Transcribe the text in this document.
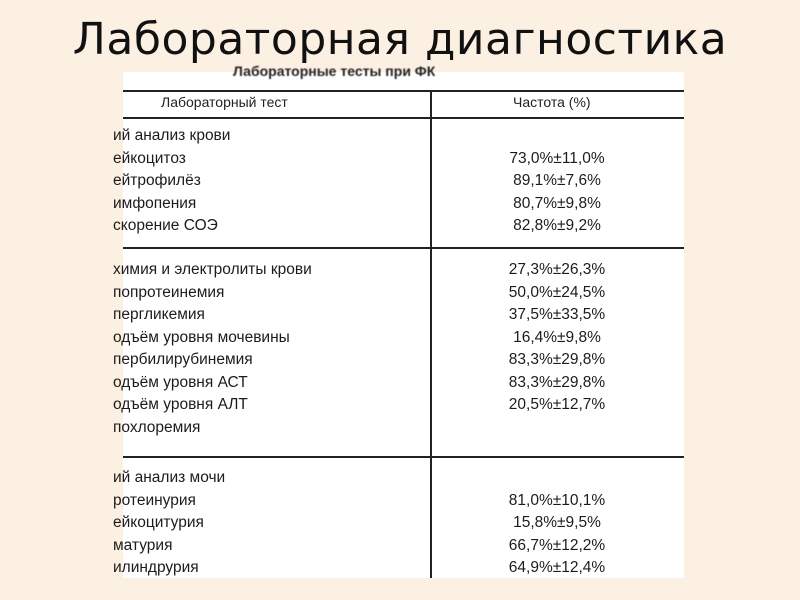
Лабораторная диагностика
Лабораторные тесты при ФК
Лабораторный тест	Частота (%)
ий анализ крови
ейкоцитоз	73,0%±11,0%
ейтрофилёз	89,1%±7,6%
имфопения	80,7%±9,8%
скорение СОЭ	82,8%±9,2%
химия и электролиты крови	27,3%±26,3%
попротеинемия	50,0%±24,5%
пергликемия	37,5%±33,5%
одъём уровня мочевины	16,4%±9,8%
пербилирубинемия	83,3%±29,8%
одъём уровня АСТ	83,3%±29,8%
одъём уровня АЛТ	20,5%±12,7%
похлоремия
ий анализ мочи
ротеинурия	81,0%±10,1%
ейкоцитурия	15,8%±9,5%
матурия	66,7%±12,2%
илиндрурия	64,9%±12,4%
